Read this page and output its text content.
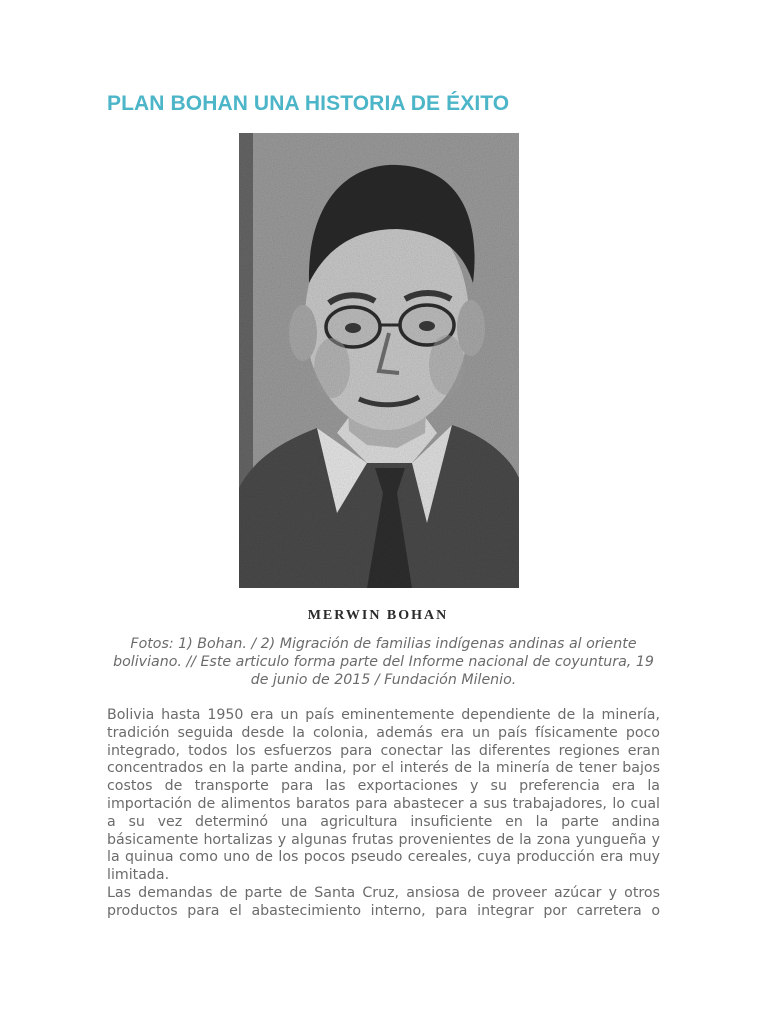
PLAN BOHAN UNA HISTORIA DE ÉXITO
MERWIN BOHAN

Fotos: 1) Bohan. / 2) Migración de familias indígenas andinas al oriente boliviano. // Este articulo forma parte del Informe nacional de coyuntura, 19 de junio de 2015 / Fundación Milenio.

Bolivia hasta 1950 era un país eminentemente dependiente de la minería, tradición seguida desde la colonia, además era un país físicamente poco integrado, todos los esfuerzos para conectar las diferentes regiones eran concentrados en la parte andina, por el interés de la minería de tener bajos costos de transporte para las exportaciones y su preferencia era la importación de alimentos baratos para abastecer a sus trabajadores, lo cual a su vez determinó una agricultura insuficiente en la parte andina básicamente hortalizas y algunas frutas provenientes de la zona yungueña y la quinua como uno de los pocos pseudo cereales, cuya producción era muy limitada.

Las demandas de parte de Santa Cruz, ansiosa de proveer azúcar y otros productos para el abastecimiento interno, para integrar por carretera o
